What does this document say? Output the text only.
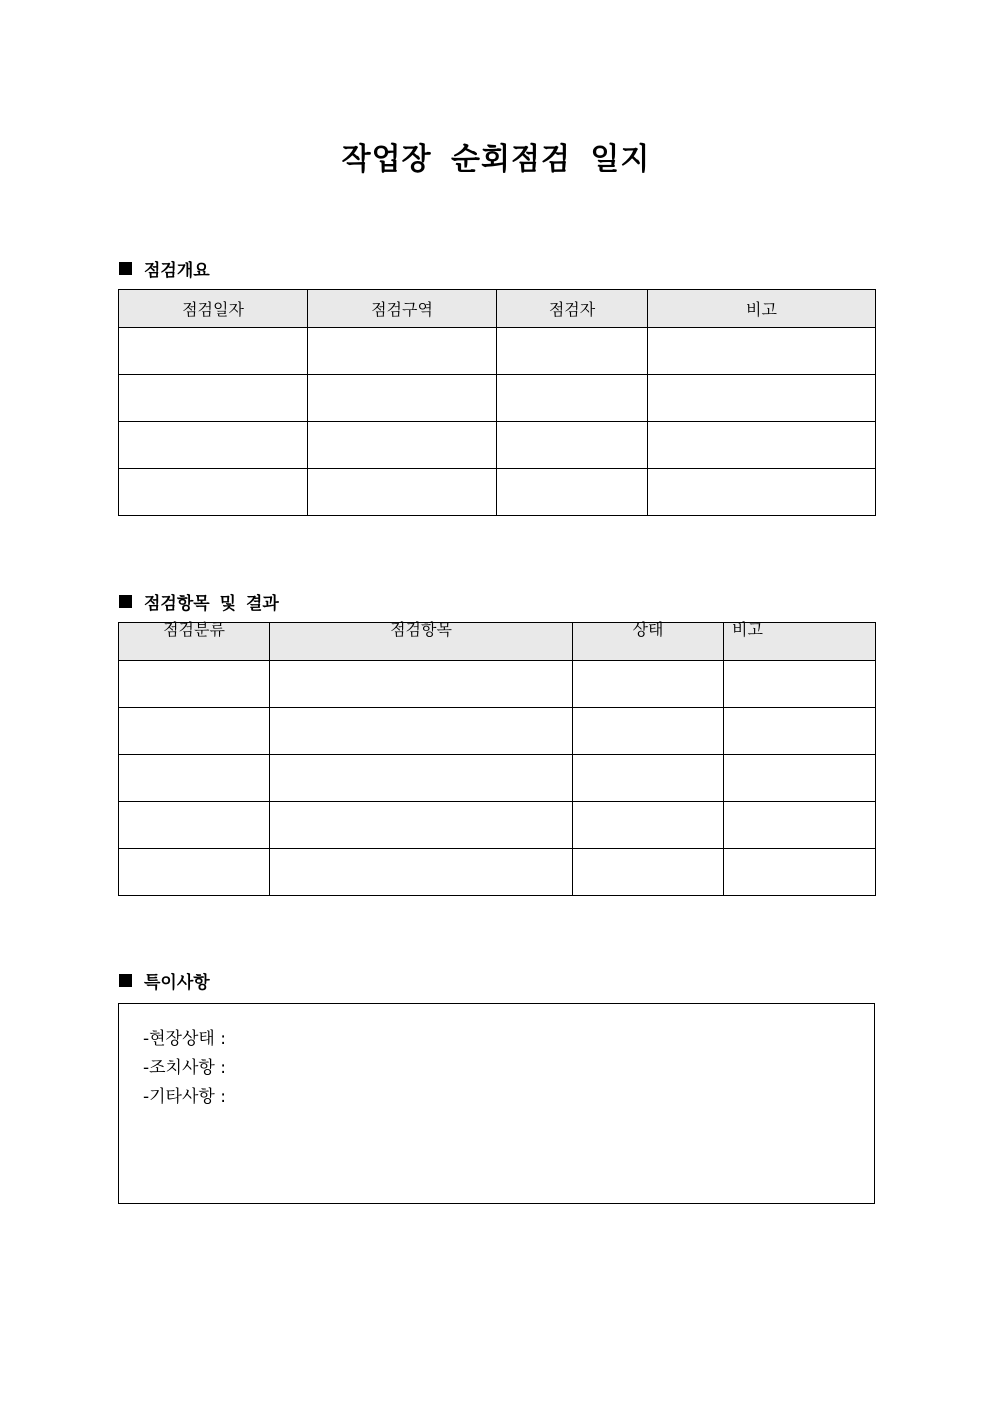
작업장 순회점검 일지
점검개요
점검일자	점검구역	점검자	비고

점검항목 및 결과
점검분류	점검항목	상태	비고

특이사항
-현장상태 :
-조치사항 :
-기타사항 :
